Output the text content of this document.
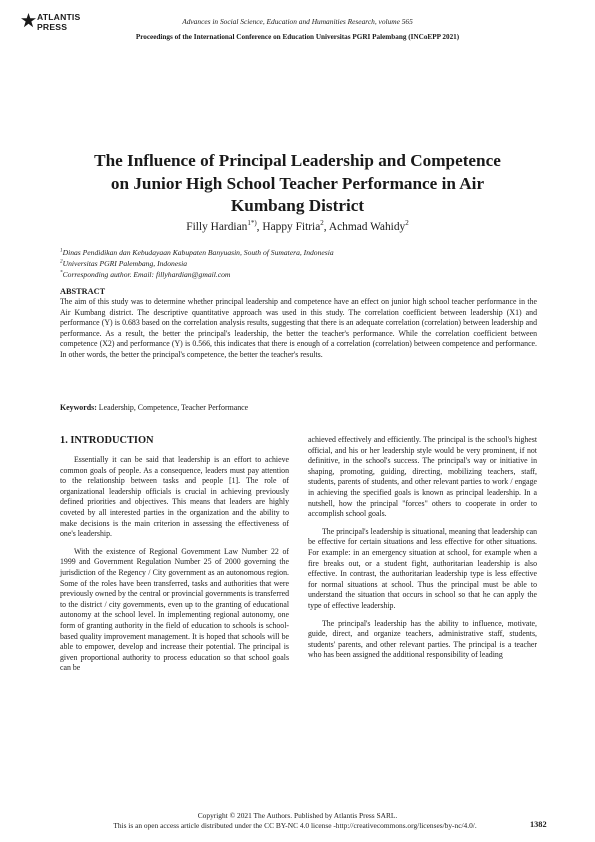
ATLANTIS
PRESS
Advances in Social Science, Education and Humanities Research, volume 565
Proceedings of the International Conference on Education Universitas PGRI Palembang (INCoEPP 2021)
The Influence of Principal Leadership and Competence on Junior High School Teacher Performance in Air Kumbang District

Filly Hardian$^{1*)}$, Happy Fitria$^2$, Achmad Wahidy$^2$

$^1$Dinas Pendidikan dan Kebudayaan Kabupaten Banyuasin, South of Sumatera, Indonesia

$^2$Universitas PGRI Palembang, Indonesia

*Corresponding author. Email: fillyhardian@gmail.com

ABSTRACT

The aim of this study was to determine whether principal leadership and competence have an effect on junior high school teacher performance in the Air Kumbang district. The descriptive quantitative approach was used in this study. The correlation coefficient between leadership (X1) and performance (Y) is 0.683 based on the correlation analysis results, suggesting that there is an adequate correlation (correlation) between leadership and performance. As a result, the better the principal's leadership, the better the teacher's performance. While the correlation coefficient between competence (X2) and performance (Y) is 0.566, this indicates that there is enough of a correlation (correlation) between competence and performance. In other words, the better the principal's competence, the better the teacher's results.

Keywords: Leadership, Competence, Teacher Performance

1. INTRODUCTION

Essentially it can be said that leadership is an effort to achieve common goals of people. As a consequence, leaders must pay attention to the relationship between tasks and people [1]. The role of organizational leadership officials is crucial in achieving previously defined priorities and objectives. This means that leaders are highly coveted by all interested parties in the organization and the ability to make decisions is the main criterion in assessing the effectiveness of one's leadership.

With the existence of Regional Government Law Number 22 of 1999 and Government Regulation Number 25 of 2000 governing the jurisdiction of the Regency / City government as an autonomous region. Some of the roles have been transferred, tasks and authorities that were previously owned by the central or provincial governments is transferred to the district / city governments, even up to the granting of educational autonomy at the school level. In implementing regional autonomy, one form of granting authority in the field of education to schools is school-based quality improvement management. It is hoped that schools will be able to empower, develop and increase their potential. The principal is given proportional authority to process education so that school goals can be

achieved effectively and efficiently. The principal is the school's highest official, and his or her leadership style would be very prominent, if not definitive, in the school's success. The principal's way or initiative in shaping, promoting, guiding, directing, mobilizing teachers, staff, students, parents of students, and other relevant parties to work / engage in achieving the specified goals is known as principal leadership. In a nutshell, how the principal "forces" others to cooperate in order to accomplish school goals.

The principal's leadership is situational, meaning that leadership can be effective for certain situations and less effective for other situations. For example: in an emergency situation at school, for example when a fire breaks out, or a student fight, authoritarian leadership is also effective. In contrast, the authoritarian leadership type is less effective for normal situations at school. Thus the principal must be able to understand the situation that occurs in school so that he can apply the type of effective leadership.

The principal's leadership has the ability to influence, motivate, guide, direct, and organize teachers, administrative staff, students, students' parents, and other relevant parties. The principal is a teacher who has been assigned the additional responsibility of leading

Copyright © 2021 The Authors. Published by Atlantis Press SARL.
This is an open access article distributed under the CC BY-NC 4.0 license -http://creativecommons.org/licenses/by-nc/4.0/.	1382
